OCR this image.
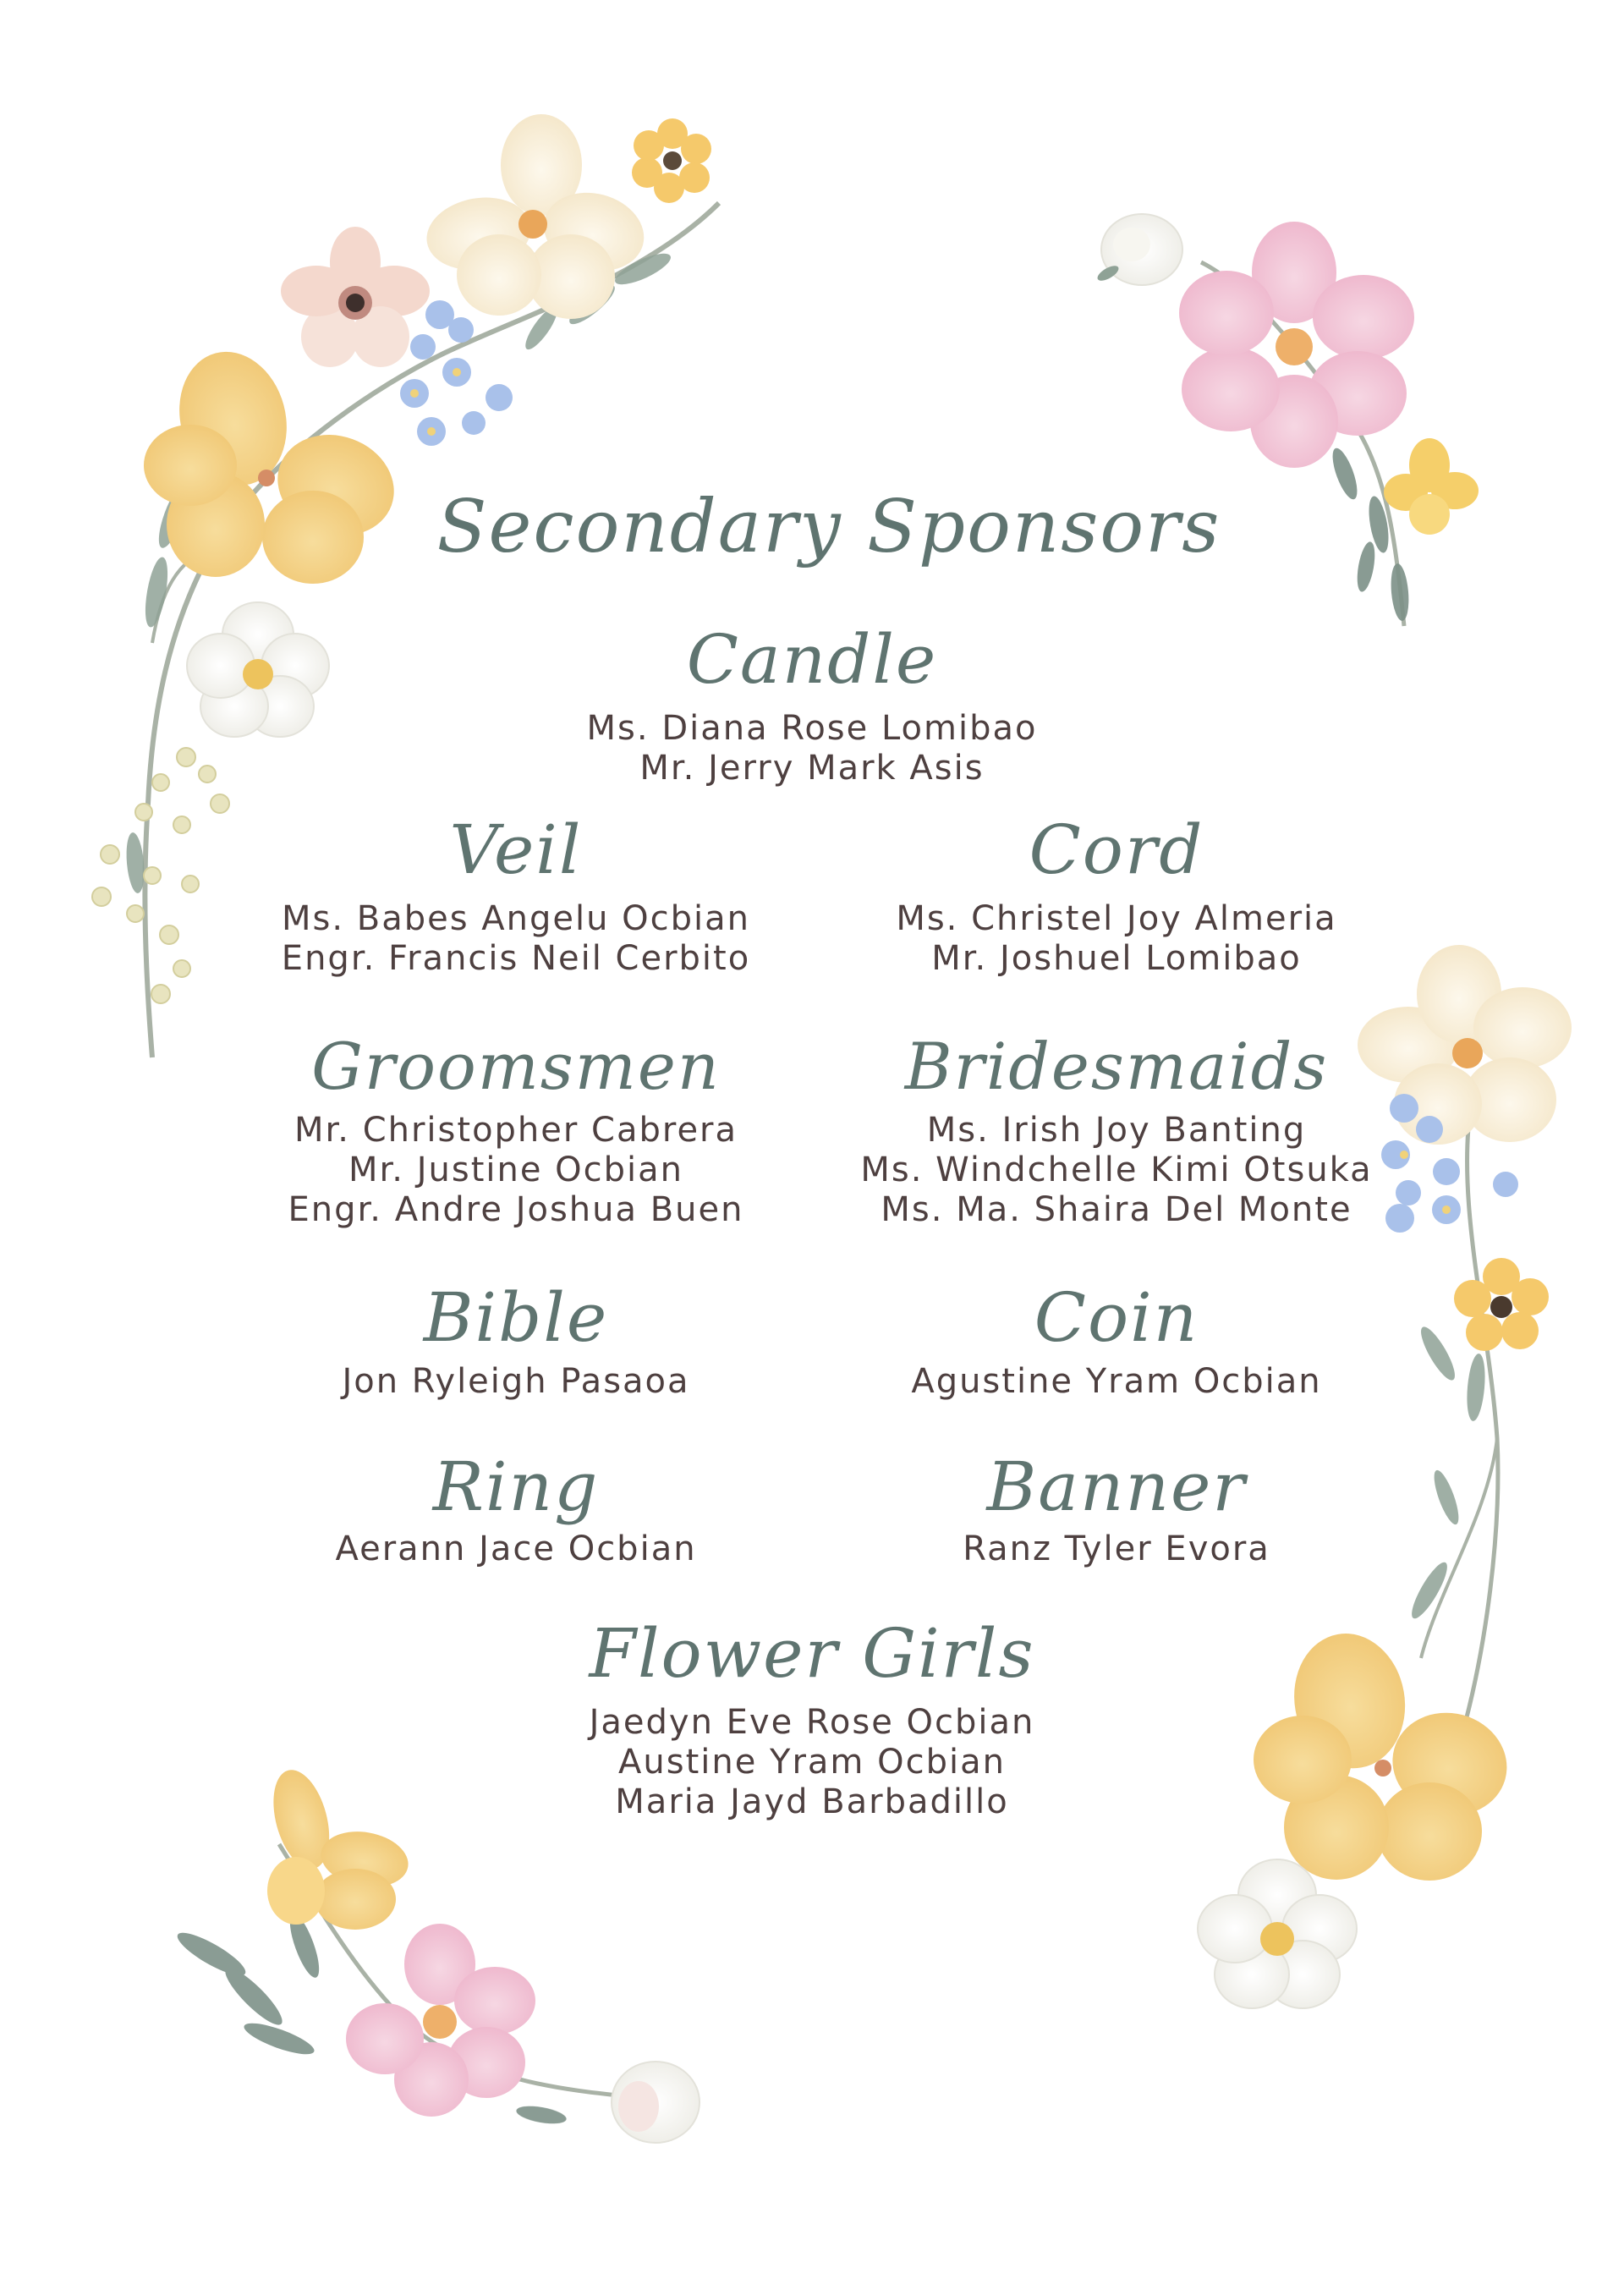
Secondary Sponsors
Candle
Ms. Diana Rose Lomibao
Mr. Jerry Mark Asis
Veil
Ms. Babes Angelu Ocbian
Engr. Francis Neil Cerbito
Cord
Ms. Christel Joy Almeria
Mr. Joshuel Lomibao
Groomsmen
Mr. Christopher Cabrera
Mr. Justine Ocbian
Engr. Andre Joshua Buen
Bridesmaids
Ms. Irish Joy Banting
Ms. Windchelle Kimi Otsuka
Ms. Ma. Shaira Del Monte
Bible
Jon Ryleigh Pasaoa
Coin
Agustine Yram Ocbian
Ring
Aerann Jace Ocbian
Banner
Ranz Tyler Evora
Flower Girls
Jaedyn Eve Rose Ocbian
Austine Yram Ocbian
Maria Jayd Barbadillo
